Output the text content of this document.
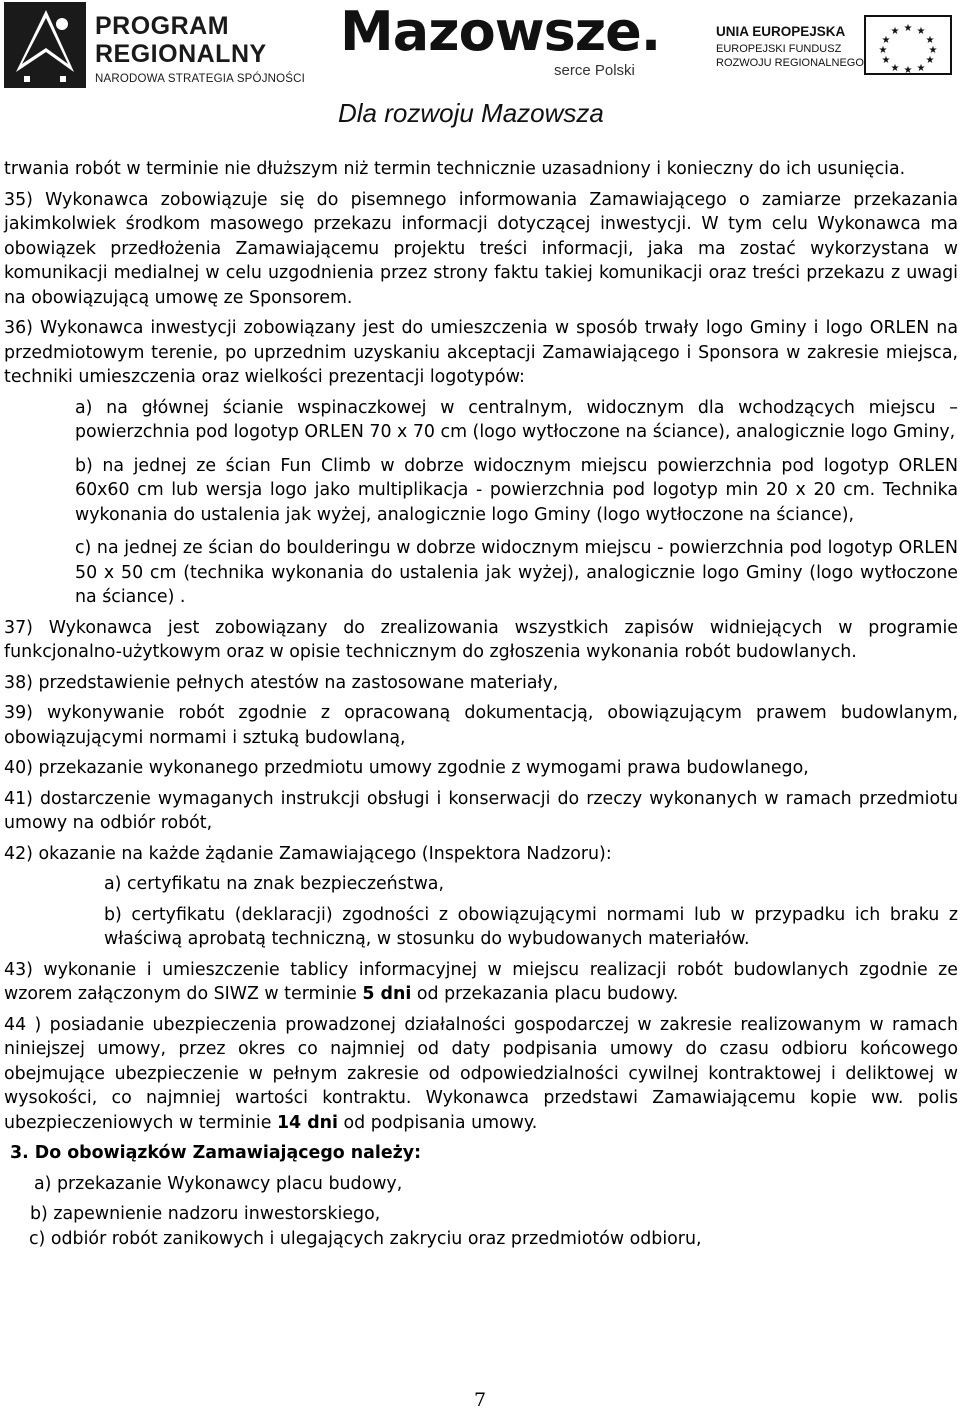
PROGRAM
REGIONALNY
NARODOWA STRATEGIA SPÓJNOŚCI
Mazowsze.
serce Polski
UNIA EUROPEJSKA
EUROPEJSKI FUNDUSZ
ROZWOJU REGIONALNEGO
★ ★
★
★
★
★
★
★
★
★
★
★
Dla rozwoju Mazowsza

trwania robót w terminie nie dłuższym niż termin technicznie uzasadniony i konieczny do ich usunięcia.

35) Wykonawca zobowiązuje się do pisemnego informowania Zamawiającego o zamiarze przekazania jakimkolwiek środkom masowego przekazu informacji dotyczącej inwestycji. W tym celu Wykonawca ma obowiązek przedłożenia Zamawiającemu projektu treści informacji, jaka ma zostać wykorzystana w komunikacji medialnej w celu uzgodnienia przez strony faktu takiej komunikacji oraz treści przekazu z uwagi na obowiązującą umowę ze Sponsorem.

36) Wykonawca inwestycji zobowiązany jest do umieszczenia w sposób trwały logo Gminy i logo ORLEN na przedmiotowym terenie, po uprzednim uzyskaniu akceptacji Zamawiającego i Sponsora w zakresie miejsca, techniki umieszczenia oraz wielkości prezentacji logotypów:

a) na głównej ścianie wspinaczkowej w centralnym, widocznym dla wchodzących miejscu – powierzchnia pod logotyp ORLEN 70 x 70 cm (logo wytłoczone na ściance), analogicznie logo Gminy,

b) na jednej ze ścian Fun Climb w dobrze widocznym miejscu powierzchnia pod logotyp ORLEN 60x60 cm lub wersja logo jako multiplikacja - powierzchnia pod logotyp min 20 x 20 cm. Technika wykonania do ustalenia jak wyżej, analogicznie logo Gminy (logo wytłoczone na ściance),

c) na jednej ze ścian do boulderingu w dobrze widocznym miejscu - powierzchnia pod logotyp ORLEN 50 x 50 cm (technika wykonania do ustalenia jak wyżej), analogicznie logo Gminy (logo wytłoczone na ściance) .

37) Wykonawca jest zobowiązany do zrealizowania wszystkich zapisów widniejących w programie funkcjonalno-użytkowym oraz w opisie technicznym do zgłoszenia wykonania robót budowlanych.

38) przedstawienie pełnych atestów na zastosowane materiały,

39) wykonywanie robót zgodnie z opracowaną dokumentacją, obowiązującym prawem budowlanym, obowiązującymi normami i sztuką budowlaną,

40) przekazanie wykonanego przedmiotu umowy zgodnie z wymogami prawa budowlanego,

41) dostarczenie wymaganych instrukcji obsługi i konserwacji do rzeczy wykonanych w ramach przedmiotu umowy na odbiór robót,

42) okazanie na każde żądanie Zamawiającego (Inspektora Nadzoru):

a) certyfikatu na znak bezpieczeństwa,

b) certyfikatu (deklaracji) zgodności z obowiązującymi normami lub w przypadku ich braku z właściwą aprobatą techniczną, w stosunku do wybudowanych materiałów.

43) wykonanie i umieszczenie tablicy informacyjnej w miejscu realizacji robót budowlanych zgodnie ze wzorem załączonym do SIWZ w terminie 5 dni od przekazania placu budowy.

44 ) posiadanie ubezpieczenia prowadzonej działalności gospodarczej w zakresie realizowanym w ramach niniejszej umowy, przez okres co najmniej od daty podpisania umowy do czasu odbioru końcowego obejmujące ubezpieczenie w pełnym zakresie od odpowiedzialności cywilnej kontraktowej i deliktowej w wysokości, co najmniej wartości kontraktu. Wykonawca przedstawi Zamawiającemu kopie ww. polis ubezpieczeniowych w terminie 14 dni od podpisania umowy.

3. Do obowiązków Zamawiającego należy:

a) przekazanie Wykonawcy placu budowy,

b) zapewnienie nadzoru inwestorskiego,

c) odbiór robót zanikowych i ulegających zakryciu oraz przedmiotów odbioru,

7
